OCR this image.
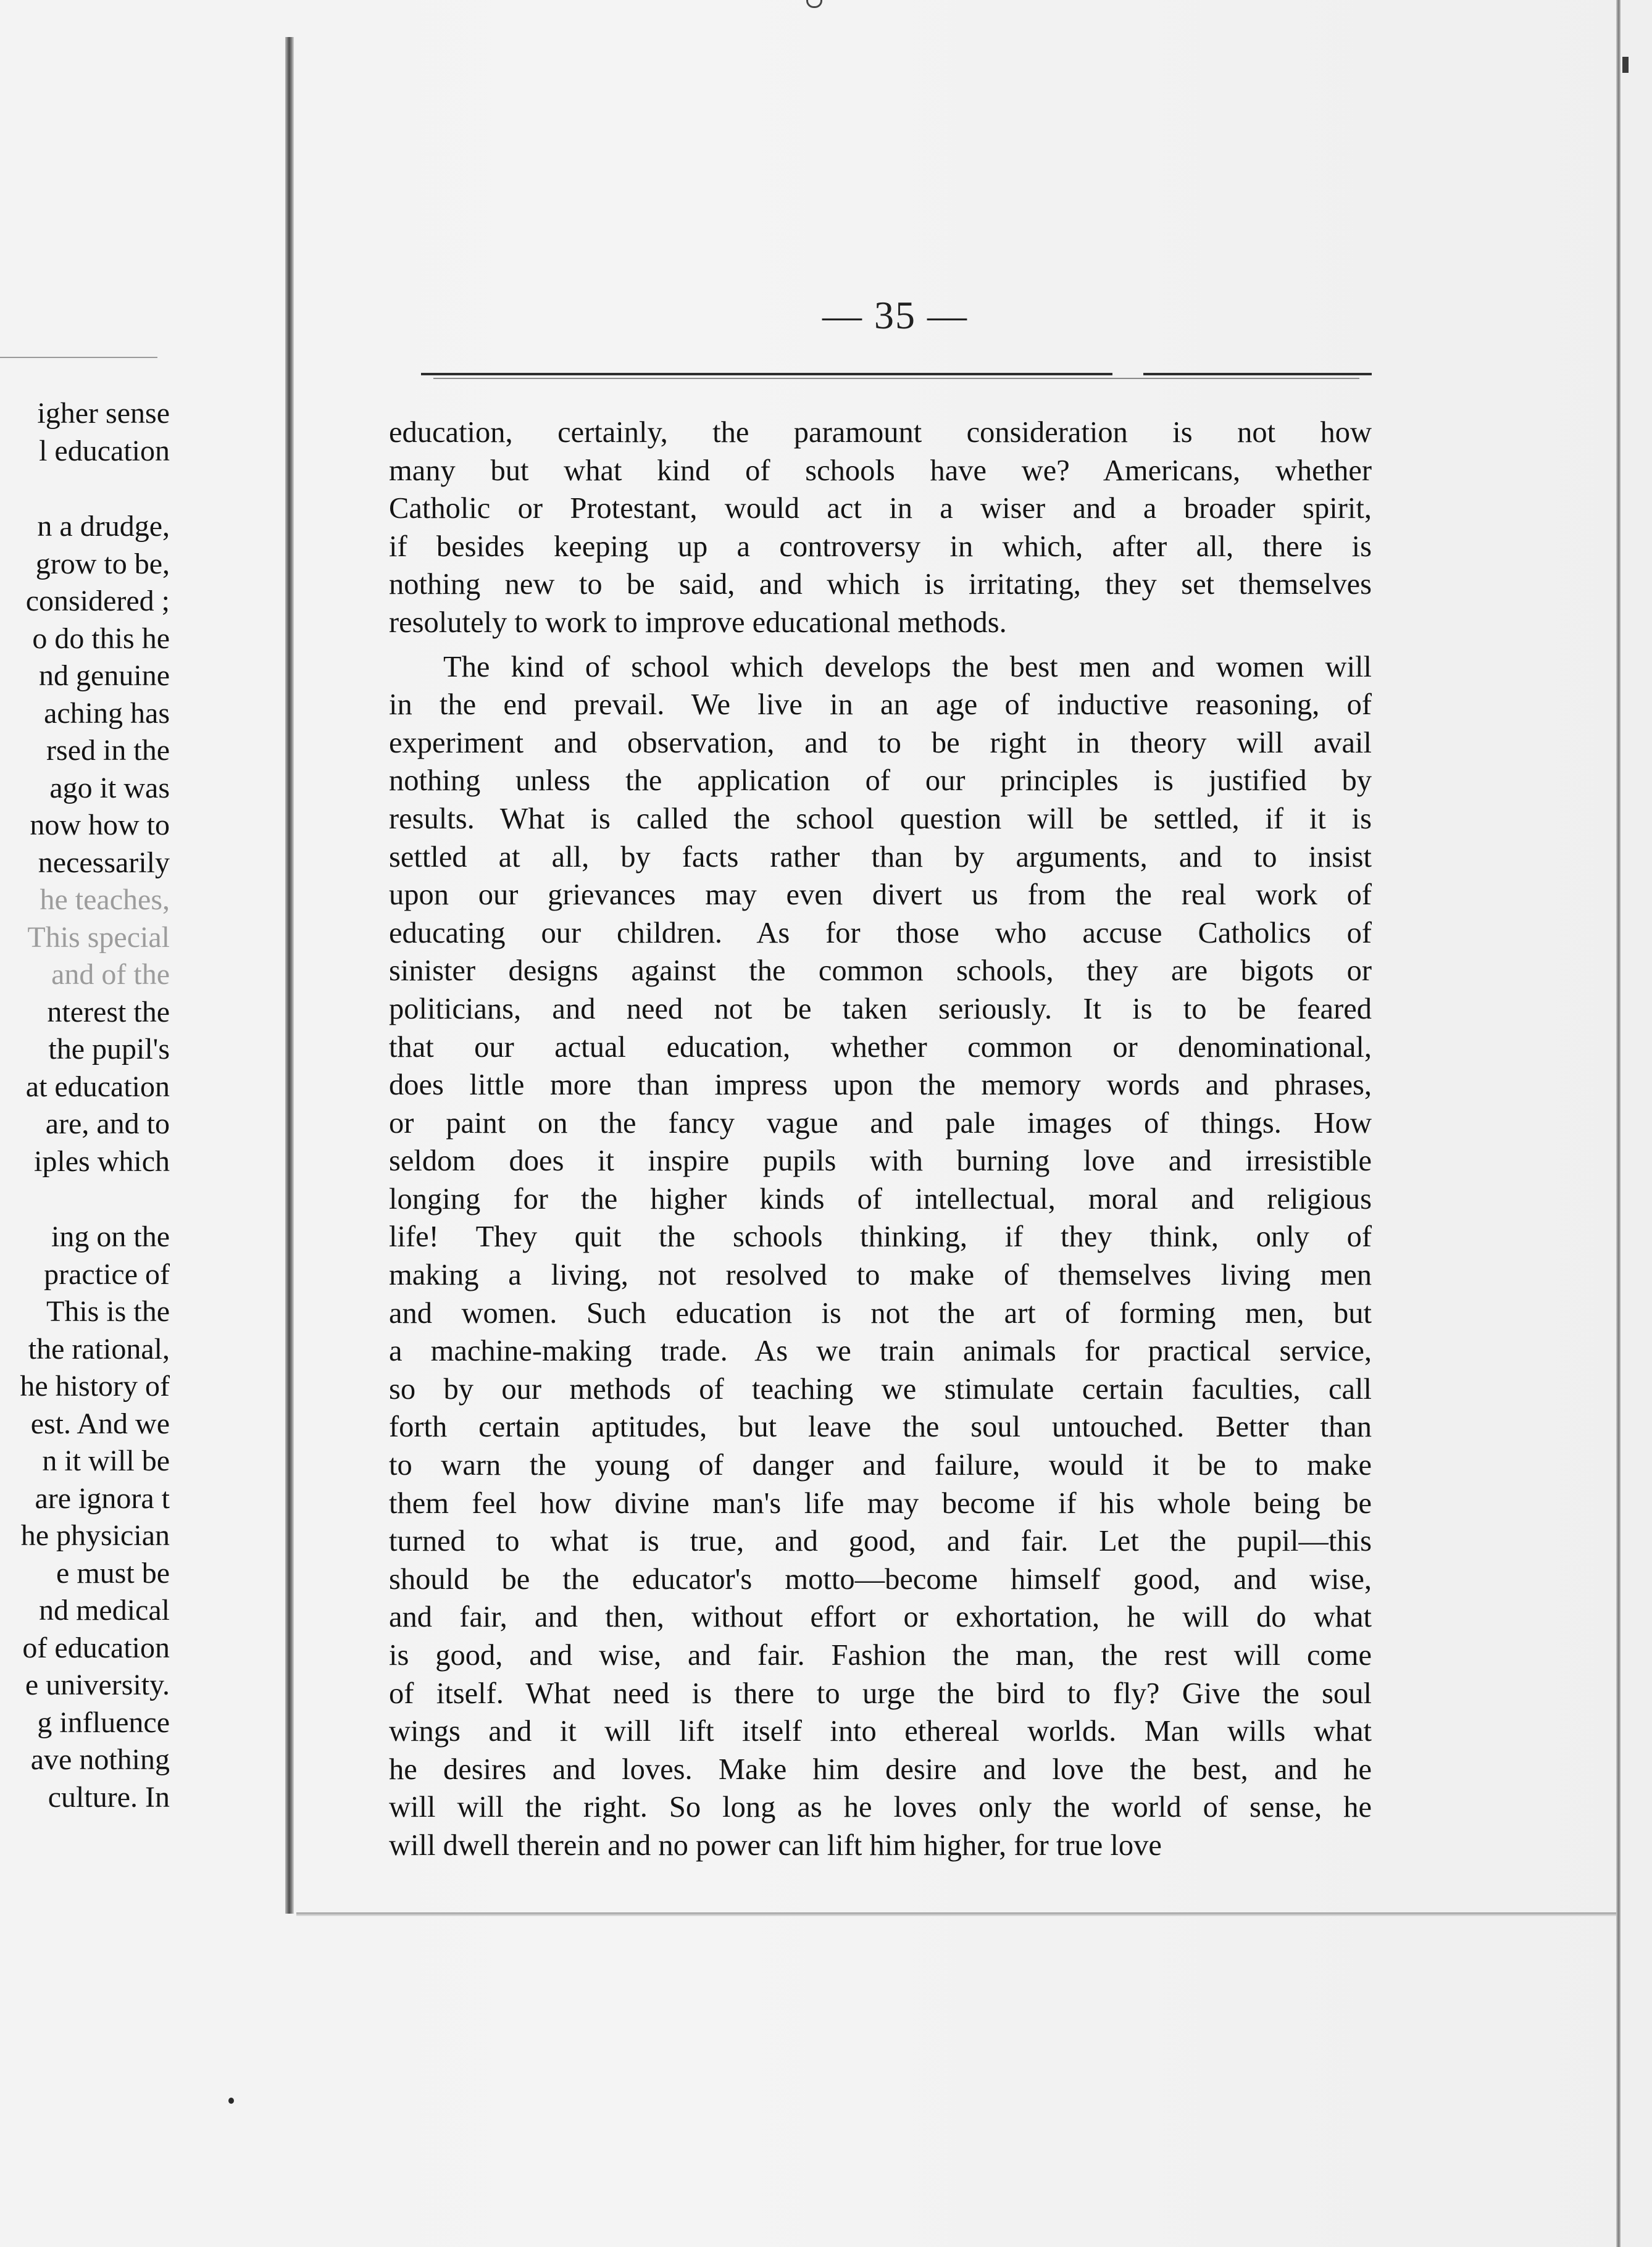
igher sense
l education
n a drudge,
grow to be,
considered ;
o do this he
nd genuine
aching has
rsed in the
ago it was
now how to
necessarily
he teaches,
This special
and of the
nterest the
the pupil's
at education
are, and to
iples which
ing on the
practice of
This is the
the rational,
he history of
est. And we
n it will be
are ignora t
he physician
e must be
nd medical
of education
e university.
g influence
ave nothing
culture. In
— 35 —
education, certainly, the paramount consideration is not how
many but what kind of schools have we? Americans, whether
Catholic or Protestant, would act in a wiser and a broader spirit,
if besides keeping up a controversy in which, after all, there is
nothing new to be said, and which is irritating, they set themselves
resolutely to work to improve educational methods.
The kind of school which develops the best men and women will
in the end prevail. We live in an age of inductive reasoning, of
experiment and observation, and to be right in theory will avail
nothing unless the application of our principles is justified by
results. What is called the school question will be settled, if it is
settled at all, by facts rather than by arguments, and to insist
upon our grievances may even divert us from the real work of
educating our children. As for those who accuse Catholics of
sinister designs against the common schools, they are bigots or
politicians, and need not be taken seriously. It is to be feared
that our actual education, whether common or denominational,
does little more than impress upon the memory words and phrases,
or paint on the fancy vague and pale images of things. How
seldom does it inspire pupils with burning love and irresistible
longing for the higher kinds of intellectual, moral and religious
life! They quit the schools thinking, if they think, only of
making a living, not resolved to make of themselves living men
and women. Such education is not the art of forming men, but
a machine-making trade. As we train animals for practical service,
so by our methods of teaching we stimulate certain faculties, call
forth certain aptitudes, but leave the soul untouched. Better than
to warn the young of danger and failure, would it be to make
them feel how divine man's life may become if his whole being be
turned to what is true, and good, and fair. Let the pupil—this
should be the educator's motto—become himself good, and wise,
and fair, and then, without effort or exhortation, he will do what
is good, and wise, and fair. Fashion the man, the rest will come
of itself. What need is there to urge the bird to fly? Give the soul
wings and it will lift itself into ethereal worlds. Man wills what
he desires and loves. Make him desire and love the best, and he
will will the right. So long as he loves only the world of sense, he
will dwell therein and no power can lift him higher, for true love
